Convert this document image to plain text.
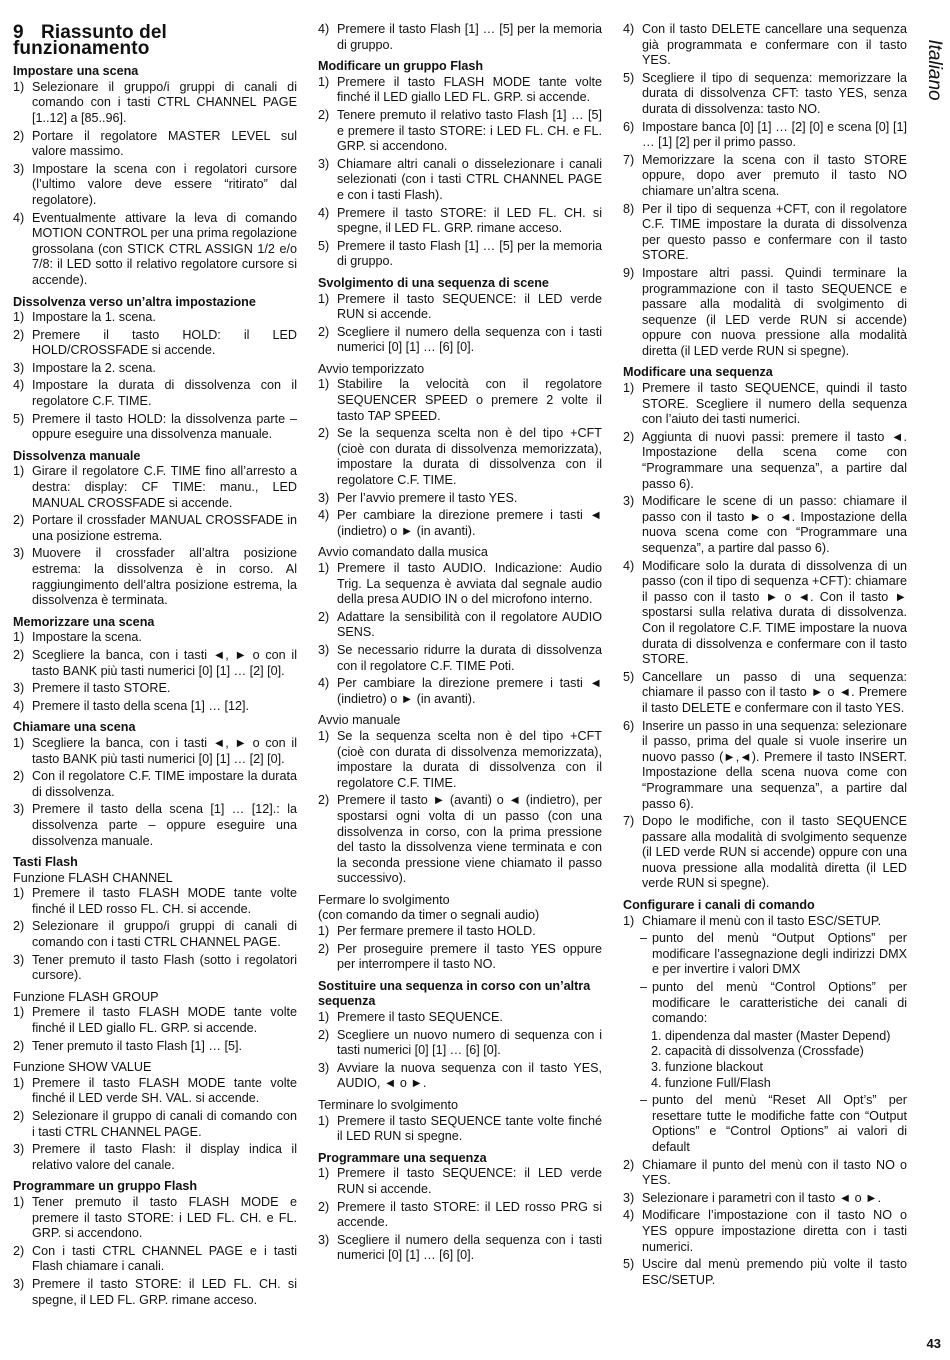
9 Riassunto del funzionamento
Impostare una scena
1) Selezionare il gruppo/i gruppi di canali di comando con i tasti CTRL CHANNEL PAGE [1..12] a [85..96].
2) Portare il regolatore MASTER LEVEL sul valore massimo.
3) Impostare la scena con i regolatori cursore (l’ultimo valore deve essere “ritirato” dal regolatore).
4) Eventualmente attivare la leva di comando MOTION CONTROL per una prima regolazione grossolana (con STICK CTRL ASSIGN 1/2 e/o 7/8: il LED sotto il relativo regolatore cursore si accende).
Dissolvenza verso un’altra impostazione
1) Impostare la 1. scena.
2) Premere il tasto HOLD: il LED HOLD/CROSSFADE si accende.
3) Impostare la 2. scena.
4) Impostare la durata di dissolvenza con il regolatore C.F. TIME.
5) Premere il tasto HOLD: la dissolvenza parte – oppure eseguire una dissolvenza manuale.
Dissolvenza manuale
1) Girare il regolatore C.F. TIME fino all’arresto a destra: display: CF TIME: manu., LED MANUAL CROSSFADE si accende.
2) Portare il crossfader MANUAL CROSSFADE in una posizione estrema.
3) Muovere il crossfader all’altra posizione estrema: la dissolvenza è in corso. Al raggiungimento dell’altra posizione estrema, la dissolvenza è terminata.
Memorizzare una scena
1) Impostare la scena.
2) Scegliere la banca, con i tasti ◄, ► o con il tasto BANK più tasti numerici [0] [1] … [2] [0].
3) Premere il tasto STORE.
4) Premere il tasto della scena [1] … [12].
Chiamare una scena
1) Scegliere la banca, con i tasti ◄, ► o con il tasto BANK più tasti numerici [0] [1] … [2] [0].
2) Con il regolatore C.F. TIME impostare la durata di dissolvenza.
3) Premere il tasto della scena [1] … [12].: la dissolvenza parte – oppure eseguire una dissolvenza manuale.
Tasti Flash
Funzione FLASH CHANNEL
1) Premere il tasto FLASH MODE tante volte finché il LED rosso FL. CH. si accende.
2) Selezionare il gruppo/i gruppi di canali di comando con i tasti CTRL CHANNEL PAGE.
3) Tener premuto il tasto Flash (sotto i regolatori cursore).
Funzione FLASH GROUP
1) Premere il tasto FLASH MODE tante volte finché il LED giallo FL. GRP. si accende.
2) Tener premuto il tasto Flash [1] … [5].
Funzione SHOW VALUE
1) Premere il tasto FLASH MODE tante volte finché il LED verde SH. VAL. si accende.
2) Selezionare il gruppo di canali di comando con i tasti CTRL CHANNEL PAGE.
3) Premere il tasto Flash: il display indica il relativo valore del canale.
Programmare un gruppo Flash
1) Tener premuto il tasto FLASH MODE e premere il tasto STORE: i LED FL. CH. e FL. GRP. si accendono.
2) Con i tasti CTRL CHANNEL PAGE e i tasti Flash chiamare i canali.
3) Premere il tasto STORE: il LED FL. CH. si spegne, il LED FL. GRP. rimane acceso.
4) Premere il tasto Flash [1] … [5] per la memoria di gruppo.
Modificare un gruppo Flash
1) Premere il tasto FLASH MODE tante volte finché il LED giallo LED FL. GRP. si accende.
2) Tenere premuto il relativo tasto Flash [1] … [5] e premere il tasto STORE: i LED FL. CH. e FL. GRP. si accendono.
3) Chiamare altri canali o disselezionare i canali selezionati (con i tasti CTRL CHANNEL PAGE e con i tasti Flash).
4) Premere il tasto STORE: il LED FL. CH. si spegne, il LED FL. GRP. rimane acceso.
5) Premere il tasto Flash [1] … [5] per la memoria di gruppo.
Svolgimento di una sequenza di scene
1) Premere il tasto SEQUENCE: il LED verde RUN si accende.
2) Scegliere il numero della sequenza con i tasti numerici [0] [1] … [6] [0].
Avvio temporizzato
1) Stabilire la velocità con il regolatore SEQUENCER SPEED o premere 2 volte il tasto TAP SPEED.
2) Se la sequenza scelta non è del tipo +CFT (cioè con durata di dissolvenza memorizzata), impostare la durata di dissolvenza con il regolatore C.F. TIME.
3) Per l’avvio premere il tasto YES.
4) Per cambiare la direzione premere i tasti ◄ (indietro) o ► (in avanti).
Avvio comandato dalla musica
1) Premere il tasto AUDIO. Indicazione: Audio Trig. La sequenza è avviata dal segnale audio della presa AUDIO IN o del microfono interno.
2) Adattare la sensibilità con il regolatore AUDIO SENS.
3) Se necessario ridurre la durata di dissolvenza con il regolatore C.F. TIME Poti.
4) Per cambiare la direzione premere i tasti ◄ (indietro) o ► (in avanti).
Avvio manuale
1) Se la sequenza scelta non è del tipo +CFT (cioè con durata di dissolvenza memorizzata), impostare la durata di dissolvenza con il regolatore C.F. TIME.
2) Premere il tasto ► (avanti) o ◄ (indietro), per spostarsi ogni volta di un passo (con una dissolvenza in corso, con la prima pressione del tasto la dissolvenza viene terminata e con la seconda pressione viene chiamato il passo successivo).
Fermare lo svolgimento
(con comando da timer o segnali audio)
1) Per fermare premere il tasto HOLD.
2) Per proseguire premere il tasto YES oppure per interrompere il tasto NO.
Sostituire una sequenza in corso con un’altra sequenza
1) Premere il tasto SEQUENCE.
2) Scegliere un nuovo numero di sequenza con i tasti numerici [0] [1] … [6] [0].
3) Avviare la nuova sequenza con il tasto YES, AUDIO, ◄ o ►.
Terminare lo svolgimento
1) Premere il tasto SEQUENCE tante volte finché il LED RUN si spegne.
Programmare una sequenza
1) Premere il tasto SEQUENCE: il LED verde RUN si accende.
2) Premere il tasto STORE: il LED rosso PRG si accende.
3) Scegliere il numero della sequenza con i tasti numerici [0] [1] … [6] [0].
4) Con il tasto DELETE cancellare una sequenza già programmata e confermare con il tasto YES.
5) Scegliere il tipo di sequenza: memorizzare la durata di dissolvenza CFT: tasto YES, senza durata di dissolvenza: tasto NO.
6) Impostare banca [0] [1] … [2] [0] e scena [0] [1] … [1] [2] per il primo passo.
7) Memorizzare la scena con il tasto STORE oppure, dopo aver premuto il tasto NO chiamare un’altra scena.
8) Per il tipo di sequenza +CFT, con il regolatore C.F. TIME impostare la durata di dissolvenza per questo passo e confermare con il tasto STORE.
9) Impostare altri passi. Quindi terminare la programmazione con il tasto SEQUENCE e passare alla modalità di svolgimento di sequenze (il LED verde RUN si accende) oppure con nuova pressione alla modalità diretta (il LED verde RUN si spegne).
Modificare una sequenza
1) Premere il tasto SEQUENCE, quindi il tasto STORE. Scegliere il numero della sequenza con l’aiuto dei tasti numerici.
2) Aggiunta di nuovi passi: premere il tasto ◄. Impostazione della scena come con “Programmare una sequenza”, a partire dal passo 6).
3) Modificare le scene di un passo: chiamare il passo con il tasto ► o ◄. Impostazione della nuova scena come con “Programmare una sequenza”, a partire dal passo 6).
4) Modificare solo la durata di dissolvenza di un passo (con il tipo di sequenza +CFT): chiamare il passo con il tasto ► o ◄. Con il tasto ► spostarsi sulla relativa durata di dissolvenza. Con il regolatore C.F. TIME impostare la nuova durata di dissolvenza e confermare con il tasto STORE.
5) Cancellare un passo di una sequenza: chiamare il passo con il tasto ► o ◄. Premere il tasto DELETE e confermare con il tasto YES.
6) Inserire un passo in una sequenza: selezionare il passo, prima del quale si vuole inserire un nuovo passo (►,◄). Premere il tasto INSERT. Impostazione della scena nuova come con “Programmare una sequenza”, a partire dal passo 6).
7) Dopo le modifiche, con il tasto SEQUENCE passare alla modalità di svolgimento sequenze (il LED verde RUN si accende) oppure con una nuova pressione alla modalità diretta (il LED verde RUN si spegne).
Configurare i canali di comando
1) Chiamare il menù con il tasto ESC/SETUP.
– punto del menù “Output Options” per modificare l’assegnazione degli indirizzi DMX e per invertire i valori DMX
– punto del menù “Control Options” per modificare le caratteristiche dei canali di comando:
1. dipendenza dal master (Master Depend)
2. capacità di dissolvenza (Crossfade)
3. funzione blackout
4. funzione Full/Flash
– punto del menù “Reset All Opt’s” per resettare tutte le modifiche fatte con “Output Options” e “Control Options” ai valori di default
2) Chiamare il punto del menù con il tasto NO o YES.
3) Selezionare i parametri con il tasto ◄ o ►.
4) Modificare l’impostazione con il tasto NO o YES oppure impostazione diretta con i tasti numerici.
5) Uscire dal menù premendo più volte il tasto ESC/SETUP.
Italiano
43
